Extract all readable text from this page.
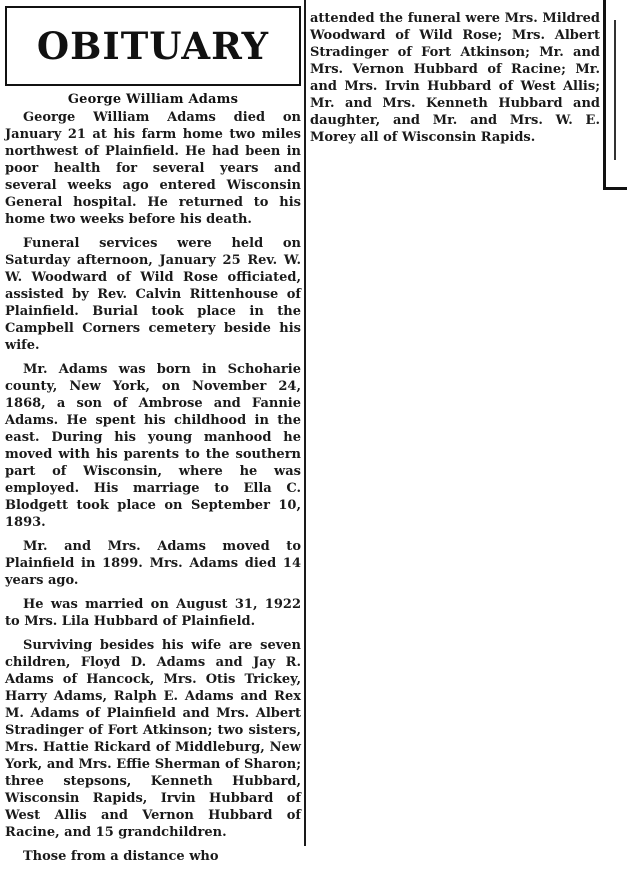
OBITUARY
George William Adams

George William Adams died on January 21 at his farm home two miles northwest of Plainfield. He had been in poor health for several years and several weeks ago entered Wisconsin General hospital. He returned to his home two weeks before his death.

Funeral services were held on Saturday afternoon, January 25 Rev. W. W. Woodward of Wild Rose officiated, assisted by Rev. Calvin Rittenhouse of Plainfield. Burial took place in the Campbell Corners cemetery beside his wife.

Mr. Adams was born in Schoharie county, New York, on November 24, 1868, a son of Ambrose and Fannie Adams. He spent his childhood in the east. During his young manhood he moved with his parents to the southern part of Wisconsin, where he was employed. His marriage to Ella C. Blodgett took place on September 10, 1893.

Mr. and Mrs. Adams moved to Plainfield in 1899. Mrs. Adams died 14 years ago.

He was married on August 31, 1922 to Mrs. Lila Hubbard of Plainfield.

Surviving besides his wife are seven children, Floyd D. Adams and Jay R. Adams of Hancock, Mrs. Otis Trickey, Harry Adams, Ralph E. Adams and Rex M. Adams of Plainfield and Mrs. Albert Stradinger of Fort Atkinson; two sisters, Mrs. Hattie Rickard of Middleburg, New York, and Mrs. Effie Sherman of Sharon; three stepsons, Kenneth Hubbard, Wisconsin Rapids, Irvin Hubbard of West Allis and Vernon Hubbard of Racine, and 15 grandchildren.

Those from a distance who

attended the funeral were Mrs. Mildred Woodward of Wild Rose; Mrs. Albert Stradinger of Fort Atkinson; Mr. and Mrs. Vernon Hubbard of Racine; Mr. and Mrs. Irvin Hubbard of West Allis; Mr. and Mrs. Kenneth Hubbard and daughter, and Mr. and Mrs. W. E. Morey all of Wisconsin Rapids.
